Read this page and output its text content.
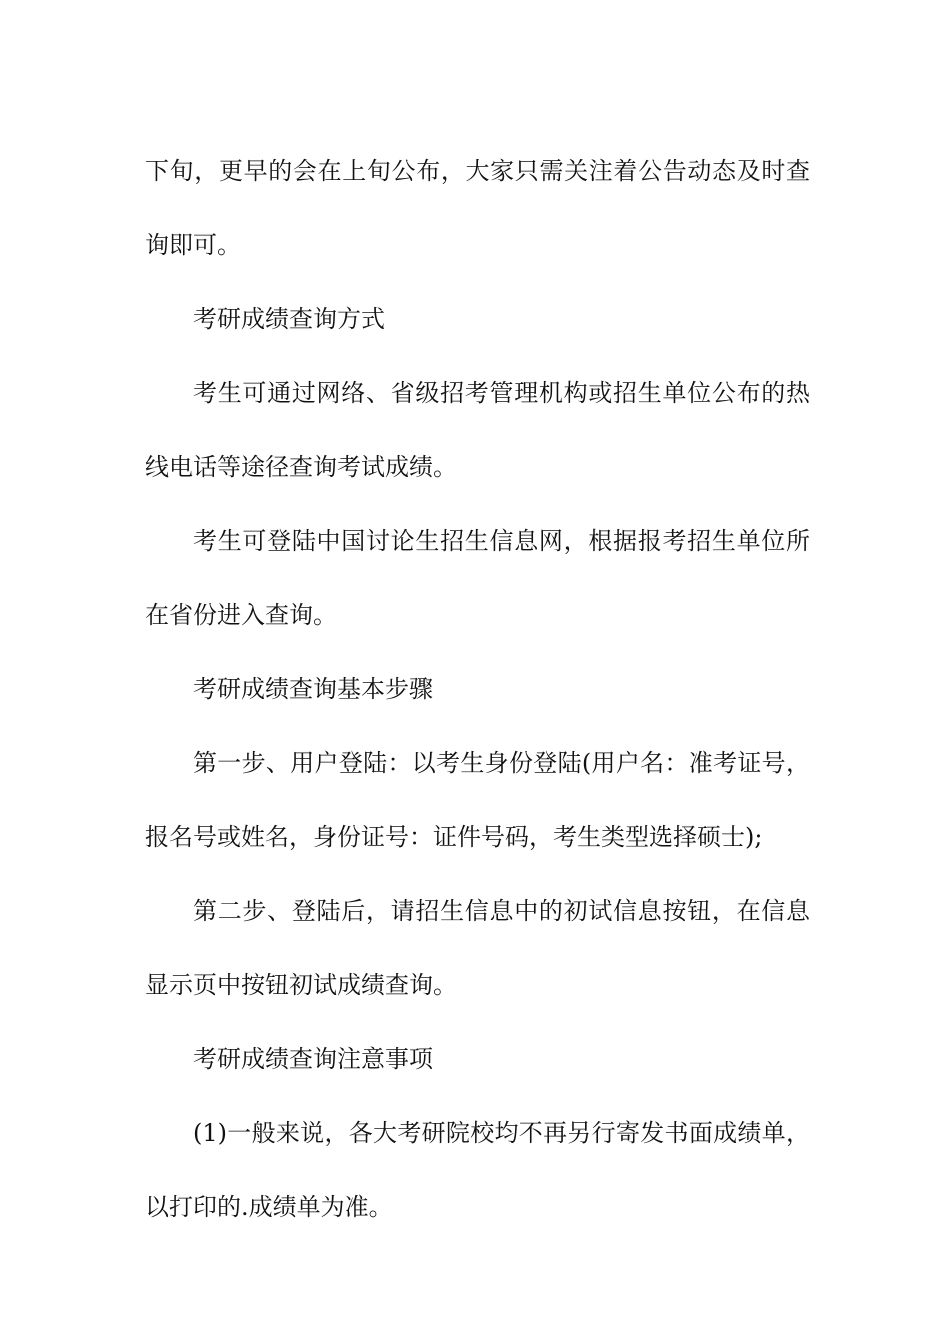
下旬，更早的会在上旬公布，大家只需关注着公告动态及时查询即可。

考研成绩查询方式

考生可通过网络、省级招考管理机构或招生单位公布的热线电话等途径查询考试成绩。

考生可登陆中国讨论生招生信息网，根据报考招生单位所在省份进入查询。

考研成绩查询基本步骤

第一步、用户登陆：以考生身份登陆(用户名：准考证号，报名号或姓名，身份证号：证件号码，考生类型选择硕士);

第二步、登陆后，请招生信息中的初试信息按钮，在信息显示页中按钮初试成绩查询。

考研成绩查询注意事项

(1)一般来说，各大考研院校均不再另行寄发书面成绩单，以打印的.成绩单为准。
